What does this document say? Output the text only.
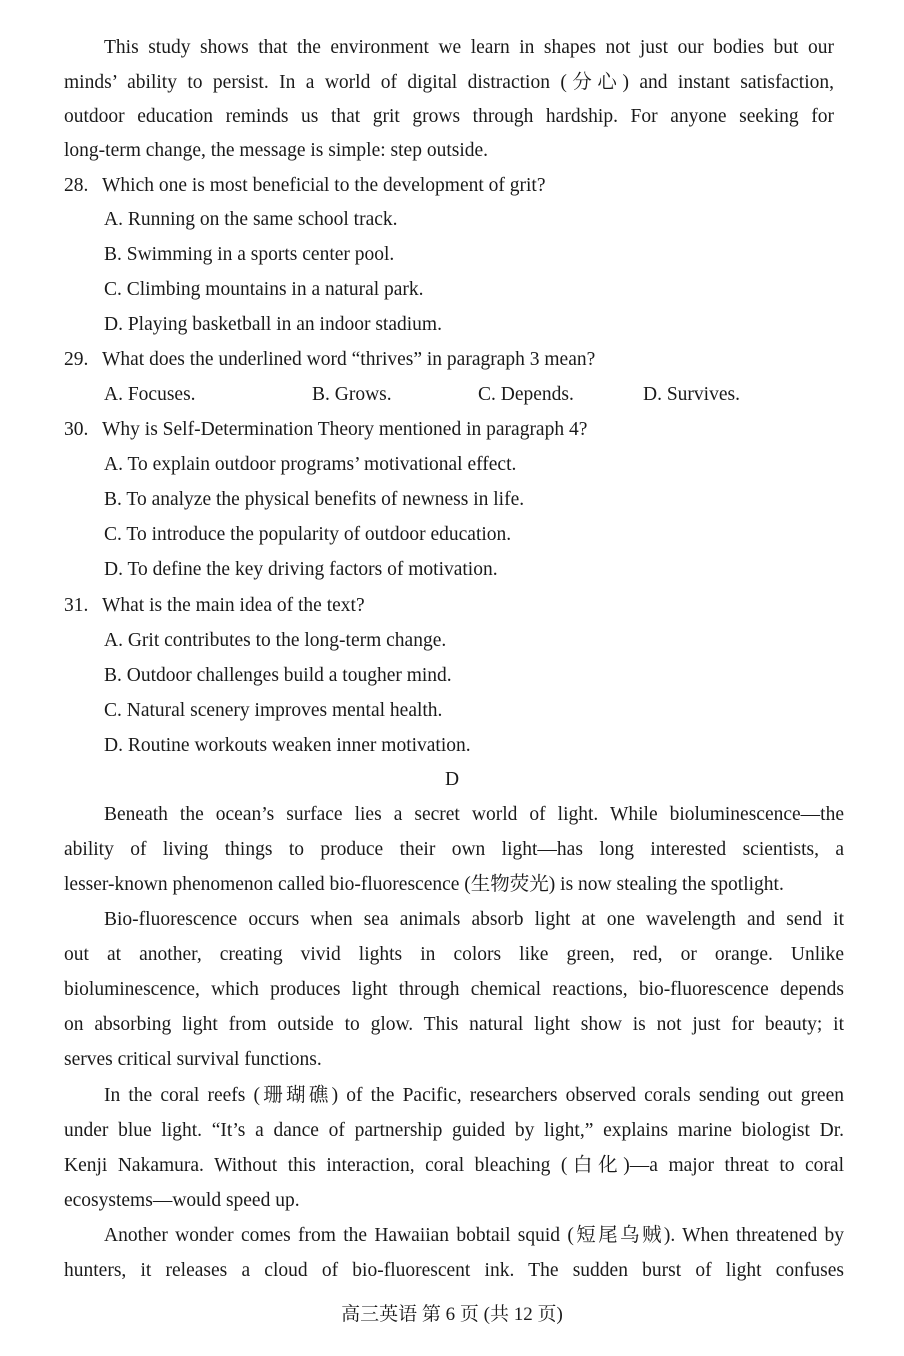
This study shows that the environment we learn in shapes not just our bodies but our
minds’ ability to persist. In a world of digital distraction (分心) and instant satisfaction,
outdoor education reminds us that grit grows through hardship. For anyone seeking for
long-term change, the message is simple: step outside.
28. Which one is most beneficial to the development of grit?
A. Running on the same school track.
B. Swimming in a sports center pool.
C. Climbing mountains in a natural park.
D. Playing basketball in an indoor stadium.
29. What does the underlined word “thrives” in paragraph 3 mean?
A. Focuses.	B. Grows.	C. Depends.	D. Survives.
30. Why is Self-Determination Theory mentioned in paragraph 4?
A. To explain outdoor programs’ motivational effect.
B. To analyze the physical benefits of newness in life.
C. To introduce the popularity of outdoor education.
D. To define the key driving factors of motivation.
31. What is the main idea of the text?
A. Grit contributes to the long-term change.
B. Outdoor challenges build a tougher mind.
C. Natural scenery improves mental health.
D. Routine workouts weaken inner motivation.
D
Beneath the ocean’s surface lies a secret world of light. While bioluminescence—the
ability of living things to produce their own light—has long interested scientists, a
lesser-known phenomenon called bio-fluorescence (生物荧光) is now stealing the spotlight.
Bio-fluorescence occurs when sea animals absorb light at one wavelength and send it
out at another, creating vivid lights in colors like green, red, or orange. Unlike
bioluminescence, which produces light through chemical reactions, bio-fluorescence depends
on absorbing light from outside to glow. This natural light show is not just for beauty; it
serves critical survival functions.
In the coral reefs (珊瑚礁) of the Pacific, researchers observed corals sending out green
under blue light. “It’s a dance of partnership guided by light,” explains marine biologist Dr.
Kenji Nakamura. Without this interaction, coral bleaching (白化)—a major threat to coral
ecosystems—would speed up.
Another wonder comes from the Hawaiian bobtail squid (短尾乌贼). When threatened by
hunters, it releases a cloud of bio-fluorescent ink. The sudden burst of light confuses
高三英语 第 6 页 (共 12 页)
